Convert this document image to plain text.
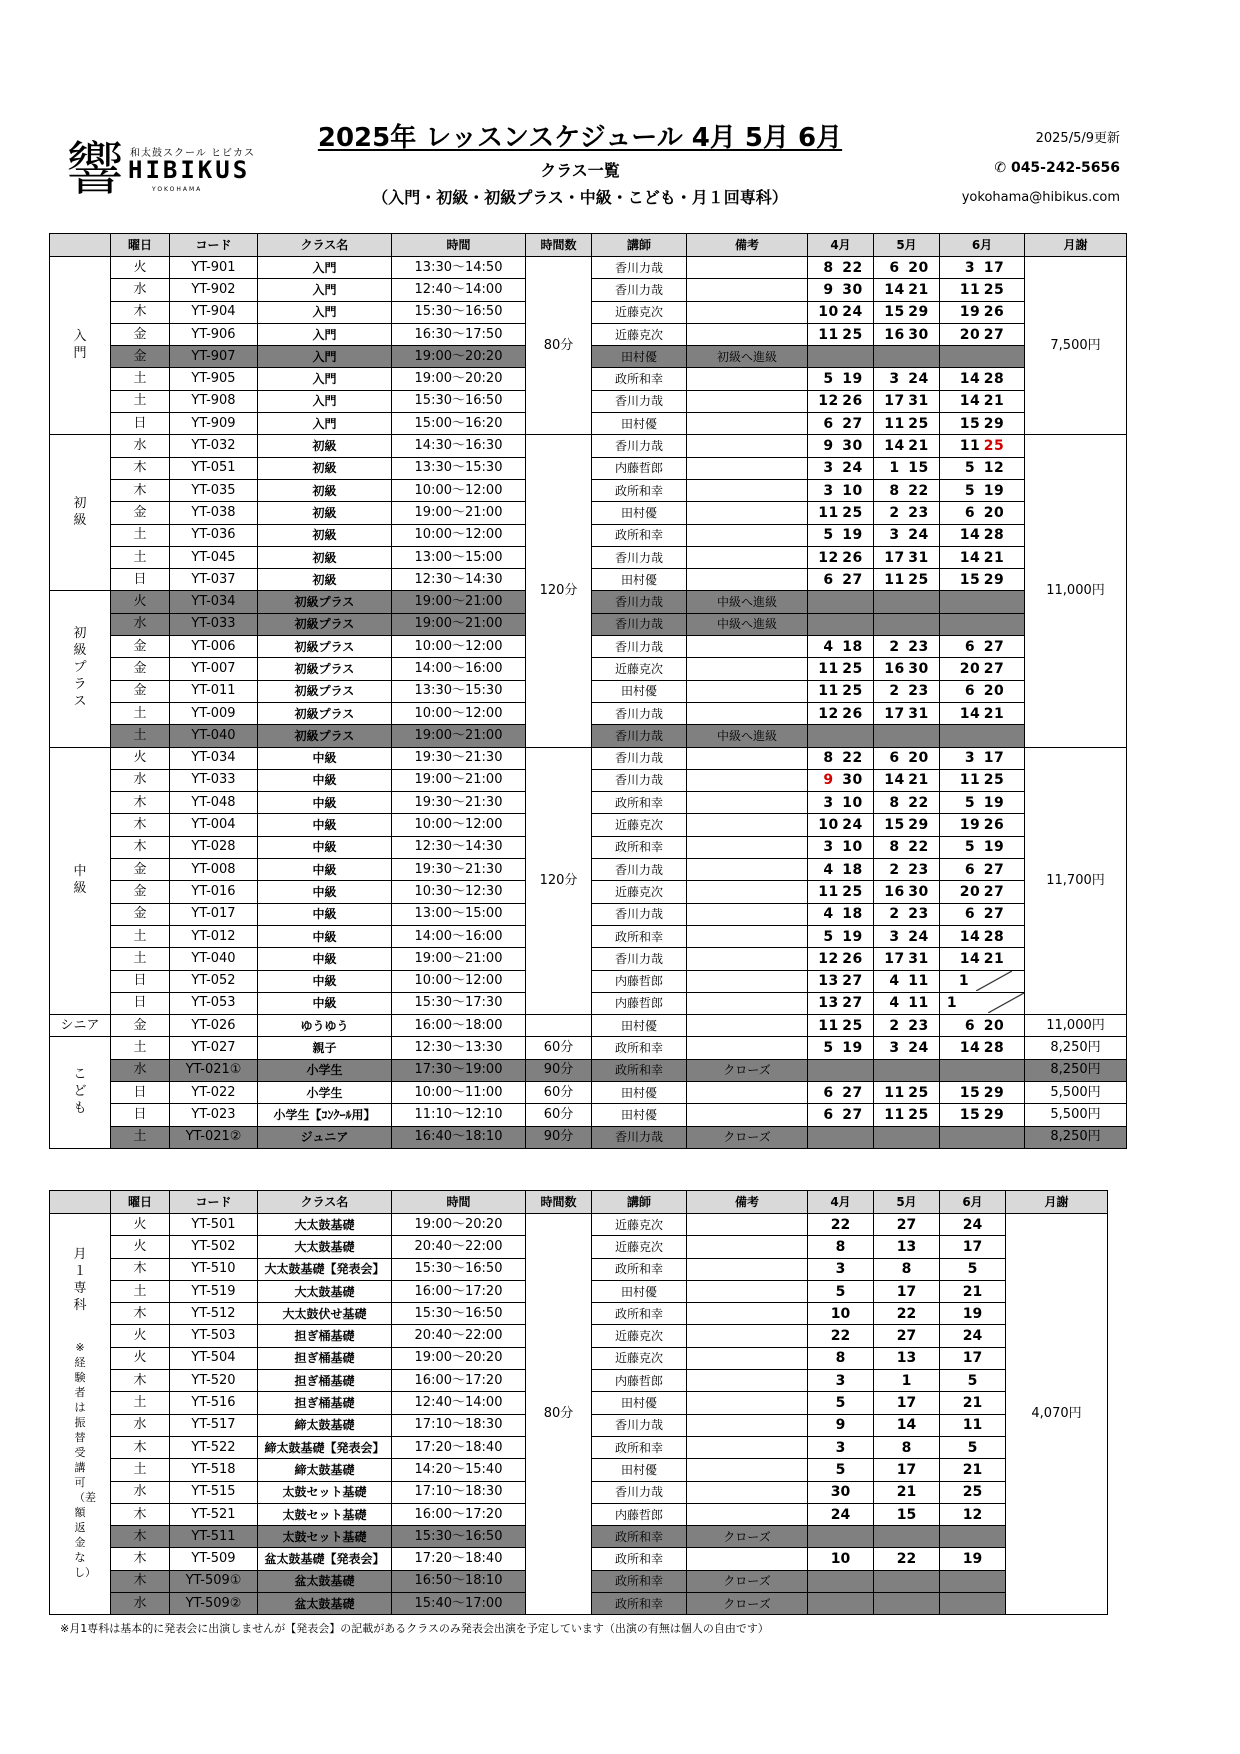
響 和太鼓スクール ヒビカス
HIBIKUS
YOKOHAMA
2025年 レッスンスケジュール 4月 5月 6月
クラス一覧
（入門・初級・初級プラス・中級・こども・月１回専科）
2025/5/9更新
✆ 045-242-5656
yokohama@hibikus.com
	曜日	コード	クラス名	時間	時間数	講師	備考	4月	5月	6月	月謝
入門	火	YT-901	入門	13:30～14:50	80分	香川力哉		8 22	6 20	3 17	7,500円
	水	YT-902	入門	12:40～14:00		香川力哉		9 30	14 21	11 25	
	木	YT-904	入門	15:30～16:50		近藤克次		10 24	15 29	19 26	
	金	YT-906	入門	16:30～17:50		近藤克次		11 25	16 30	20 27	
	金	YT-907	入門	19:00～20:20		田村優	初級へ進級				
	土	YT-905	入門	19:00～20:20		政所和幸		5 19	3 24	14 28	
	土	YT-908	入門	15:30～16:50		香川力哉		12 26	17 31	14 21	
	日	YT-909	入門	15:00～16:20		田村優		6 27	11 25	15 29	
初級	水	YT-032	初級	14:30～16:30	120分	香川力哉		9 30	14 21	11 25	11,000円
	木	YT-051	初級	13:30～15:30		内藤哲郎		3 24	1 15	5 12	
	木	YT-035	初級	10:00～12:00		政所和幸		3 10	8 22	5 19	
	金	YT-038	初級	19:00～21:00		田村優		11 25	2 23	6 20	
	土	YT-036	初級	10:00～12:00		政所和幸		5 19	3 24	14 28	
	土	YT-045	初級	13:00～15:00		香川力哉		12 26	17 31	14 21	
	日	YT-037	初級	12:30～14:30		田村優		6 27	11 25	15 29	
初級プラス	火	YT-034	初級プラス	19:00～21:00		香川力哉	中級へ進級				
	水	YT-033	初級プラス	19:00～21:00		香川力哉	中級へ進級				
	金	YT-006	初級プラス	10:00～12:00		香川力哉		4 18	2 23	6 27	
	金	YT-007	初級プラス	14:00～16:00		近藤克次		11 25	16 30	20 27	
	金	YT-011	初級プラス	13:30～15:30		田村優		11 25	2 23	6 20	
	土	YT-009	初級プラス	10:00～12:00		香川力哉		12 26	17 31	14 21	
	土	YT-040	初級プラス	19:00～21:00		香川力哉	中級へ進級				
中級	火	YT-034	中級	19:30～21:30	120分	香川力哉		8 22	6 20	3 17	11,700円
	水	YT-033	中級	19:00～21:00		香川力哉		9 30	14 21	11 25	
	木	YT-048	中級	19:30～21:30		政所和幸		3 10	8 22	5 19	
	木	YT-004	中級	10:00～12:00		近藤克次		10 24	15 29	19 26	
	木	YT-028	中級	12:30～14:30		政所和幸		3 10	8 22	5 19	
	金	YT-008	中級	19:30～21:30		香川力哉		4 18	2 23	6 27	
	金	YT-016	中級	10:30～12:30		近藤克次		11 25	16 30	20 27	
	金	YT-017	中級	13:00～15:00		香川力哉		4 18	2 23	6 27	
	土	YT-012	中級	14:00～16:00		政所和幸		5 19	3 24	14 28	
	土	YT-040	中級	19:00～21:00		香川力哉		12 26	17 31	14 21	
	日	YT-052	中級	10:00～12:00		内藤哲郎		13 27	4 11	1	
	日	YT-053	中級	15:30～17:30		内藤哲郎		13 27	4 11	1	
シニア	金	YT-026	ゆうゆう	16:00～18:00		田村優		11 25	2 23	6 20	11,000円
こども	土	YT-027	親子	12:30～13:30	60分	政所和幸		5 19	3 24	14 28	8,250円
	水	YT-021①	小学生	17:30～19:00	90分	政所和幸	クローズ				8,250円
	日	YT-022	小学生	10:00～11:00	60分	田村優		6 27	11 25	15 29	5,500円
	日	YT-023	小学生【ｺﾝｸｰﾙ用】	11:10～12:10	60分	田村優		6 27	11 25	15 29	5,500円
	土	YT-021②	ジュニア	16:40～18:10	90分	香川力哉	クローズ				8,250円
	曜日	コード	クラス名	時間	時間数	講師	備考	4月	5月	6月	月謝
月１専科
※経験者は振替受講可（差額返金なし）	火	YT-501	大太鼓基礎	19:00～20:20	80分	近藤克次		22	27	24	4,070円
	火	YT-502	大太鼓基礎	20:40～22:00		近藤克次		8	13	17	
	木	YT-510	大太鼓基礎【発表会】	15:30～16:50		政所和幸		3	8	5	
	土	YT-519	大太鼓基礎	16:00～17:20		田村優		5	17	21	
	木	YT-512	大太鼓伏せ基礎	15:30～16:50		政所和幸		10	22	19	
	火	YT-503	担ぎ桶基礎	20:40～22:00		近藤克次		22	27	24	
	火	YT-504	担ぎ桶基礎	19:00～20:20		近藤克次		8	13	17	
	木	YT-520	担ぎ桶基礎	16:00～17:20		内藤哲郎		3	1	5	
	土	YT-516	担ぎ桶基礎	12:40～14:00		田村優		5	17	21	
	水	YT-517	締太鼓基礎	17:10～18:30		香川力哉		9	14	11	
	木	YT-522	締太鼓基礎【発表会】	17:20～18:40		政所和幸		3	8	5	
	土	YT-518	締太鼓基礎	14:20～15:40		田村優		5	17	21	
	水	YT-515	太鼓セット基礎	17:10～18:30		香川力哉		30	21	25	
	木	YT-521	太鼓セット基礎	16:00～17:20		内藤哲郎		24	15	12	
	木	YT-511	太鼓セット基礎	15:30～16:50		政所和幸	クローズ				
	木	YT-509	盆太鼓基礎【発表会】	17:20～18:40		政所和幸		10	22	19	
	木	YT-509①	盆太鼓基礎	16:50～18:10		政所和幸	クローズ				
	水	YT-509②	盆太鼓基礎	15:40～17:00		政所和幸	クローズ				
※月1専科は基本的に発表会に出演しませんが【発表会】の記載があるクラスのみ発表会出演を予定しています（出演の有無は個人の自由です）
